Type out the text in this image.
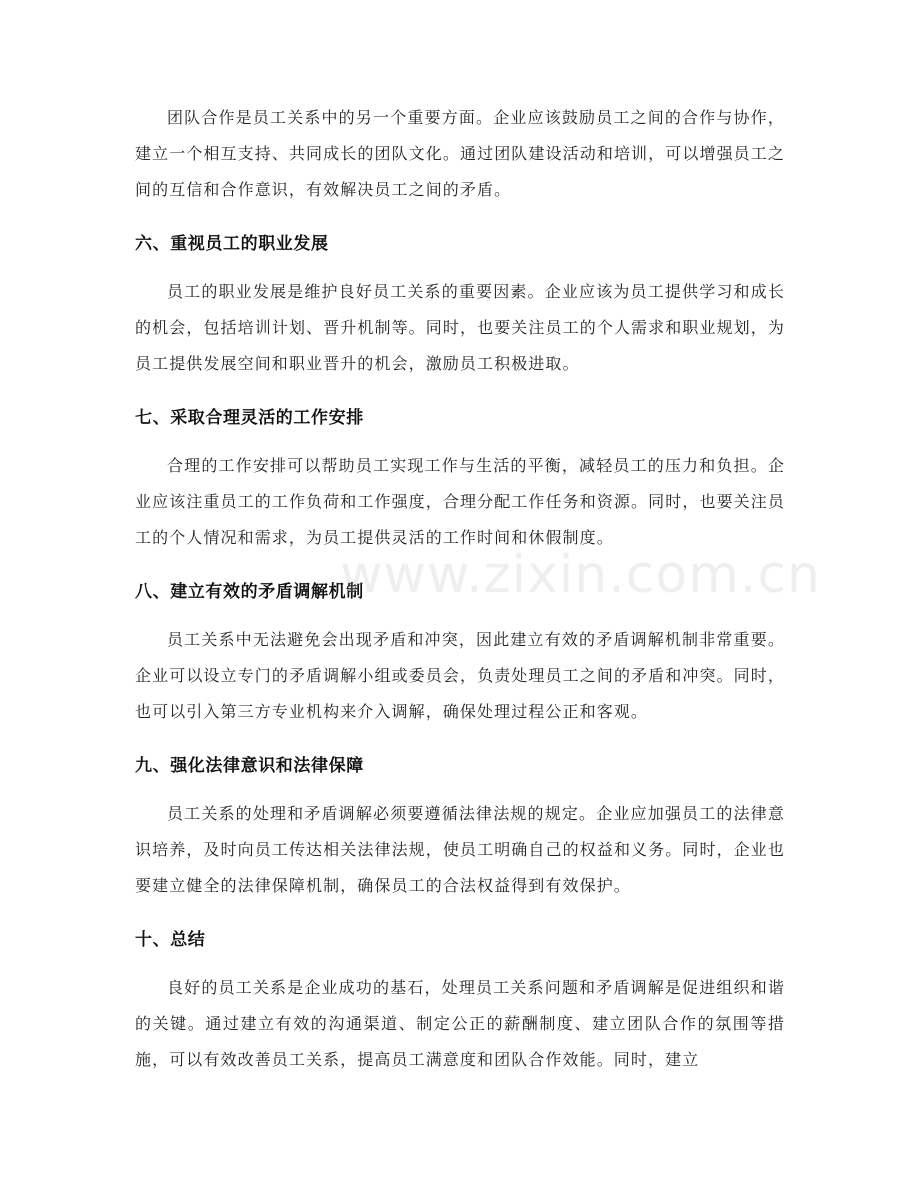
团队合作是员工关系中的另一个重要方面。企业应该鼓励员工之间的合作与协作，建立一个相互支持、共同成长的团队文化。通过团队建设活动和培训，可以增强员工之间的互信和合作意识，有效解决员工之间的矛盾。

六、重视员工的职业发展

员工的职业发展是维护良好员工关系的重要因素。企业应该为员工提供学习和成长的机会，包括培训计划、晋升机制等。同时，也要关注员工的个人需求和职业规划，为员工提供发展空间和职业晋升的机会，激励员工积极进取。

七、采取合理灵活的工作安排

合理的工作安排可以帮助员工实现工作与生活的平衡，减轻员工的压力和负担。企业应该注重员工的工作负荷和工作强度，合理分配工作任务和资源。同时，也要关注员工的个人情况和需求，为员工提供灵活的工作时间和休假制度。

八、建立有效的矛盾调解机制

员工关系中无法避免会出现矛盾和冲突，因此建立有效的矛盾调解机制非常重要。企业可以设立专门的矛盾调解小组或委员会，负责处理员工之间的矛盾和冲突。同时，也可以引入第三方专业机构来介入调解，确保处理过程公正和客观。

九、强化法律意识和法律保障

员工关系的处理和矛盾调解必须要遵循法律法规的规定。企业应加强员工的法律意识培养，及时向员工传达相关法律法规，使员工明确自己的权益和义务。同时，企业也要建立健全的法律保障机制，确保员工的合法权益得到有效保护。

十、总结

良好的员工关系是企业成功的基石，处理员工关系问题和矛盾调解是促进组织和谐的关键。通过建立有效的沟通渠道、制定公正的薪酬制度、建立团队合作的氛围等措施，可以有效改善员工关系，提高员工满意度和团队合作效能。同时，建立

www.zixin.com.cn
